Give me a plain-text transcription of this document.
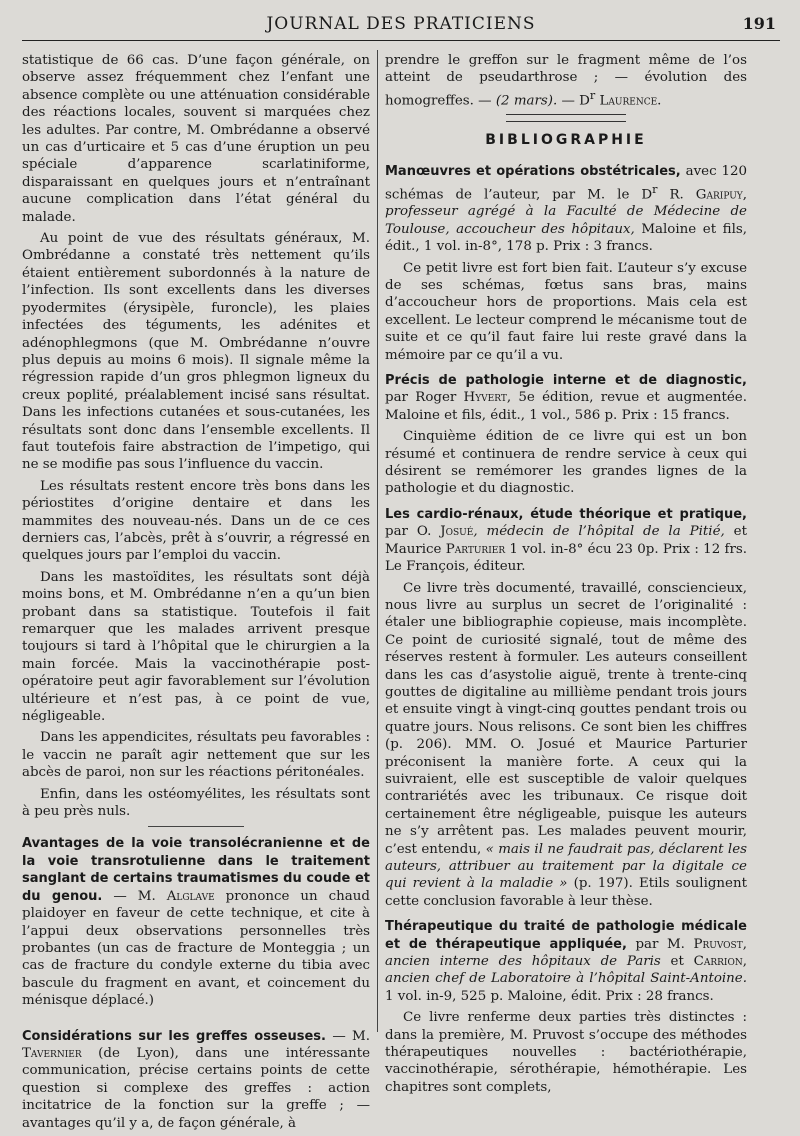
JOURNAL DES PRATICIENS	191

statistique de 66 cas. D’une façon générale, on observe assez fréquemment chez l’enfant une absence complète ou une atténuation considérable des réactions locales, souvent si marquées chez les adultes. Par contre, M. Ombrédanne a observé un cas d’urticaire et 5 cas d’une éruption un peu spéciale d’apparence scarlatiniforme, disparaissant en quelques jours et n’entraînant aucune complication dans l’état général du malade.

Au point de vue des résultats généraux, M. Ombrédanne a constaté très nettement qu’ils étaient entièrement subordonnés à la nature de l’infection. Ils sont excellents dans les diverses pyodermites (érysipèle, furoncle), les plaies infectées des téguments, les adénites et adénophlegmons (que M. Ombrédanne n’ouvre plus depuis au moins 6 mois). Il signale même la régression rapide d’un gros phlegmon ligneux du creux poplité, préalablement incisé sans résultat. Dans les infections cutanées et sous-cutanées, les résultats sont donc dans l’ensemble excellents. Il faut toutefois faire abstraction de l’impetigo, qui ne se modifie pas sous l’influence du vaccin.

Les résultats restent encore très bons dans les périostites d’origine dentaire et dans les mammites des nouveau-nés. Dans un de ce ces derniers cas, l’abcès, prêt à s’ouvrir, a régressé en quelques jours par l’emploi du vaccin.

Dans les mastoïdites, les résultats sont déjà moins bons, et M. Ombrédanne n’en a qu’un bien probant dans sa statistique. Toutefois il fait remarquer que les malades arrivent presque toujours si tard à l’hôpital que le chirurgien a la main forcée. Mais la vaccinothérapie post-opératoire peut agir favorablement sur l’évolution ultérieure et n’est pas, à ce point de vue, négligeable.

Dans les appendicites, résultats peu favorables : le vaccin ne paraît agir nettement que sur les abcès de paroi, non sur les réactions péritonéales.

Enfin, dans les ostéomyélites, les résultats sont à peu près nuls.

Avantages de la voie transolécranienne et de la voie transrotulienne dans le traitement sanglant de certains traumatismes du coude et du genou. — M. Alglave prononce un chaud plaidoyer en faveur de cette technique, et cite à l’appui deux observations personnelles très probantes (un cas de fracture de Monteggia ; un cas de fracture du condyle externe du tibia avec bascule du fragment en avant, et coincement du ménisque déplacé.)

Considérations sur les greffes osseuses. — M. Tavernier (de Lyon), dans une intéressante communication, précise certains points de cette question si complexe des greffes : action incitatrice de la fonction sur la greffe ; — avantages qu’il y a, de façon générale, à

prendre le greffon sur le fragment même de l’os atteint de pseudarthrose ; — évolution des homogreffes. — (2 mars). — $D^r$ Laurence.

BIBLIOGRAPHIE

Manœuvres et opérations obstétricales, avec 120 schémas de l’auteur, par M. le $D^r$ R. Garipuy, professeur agrégé à la Faculté de Médecine de Toulouse, accoucheur des hôpitaux, Maloine et fils, édit., 1 vol. in-8°, 178 p. Prix : 3 francs.

Ce petit livre est fort bien fait. L’auteur s’y excuse de ses schémas, fœtus sans bras, mains d’accoucheur hors de proportions. Mais cela est excellent. Le lecteur comprend le mécanisme tout de suite et ce qu’il faut faire lui reste gravé dans la mémoire par ce qu’il a vu.

Précis de pathologie interne et de diagnostic, par Roger Hyvert, 5e édition, revue et augmentée. Maloine et fils, édit., 1 vol., 586 p. Prix : 15 francs.

Cinquième édition de ce livre qui est un bon résumé et continuera de rendre service à ceux qui désirent se remémorer les grandes lignes de la pathologie et du diagnostic.

Les cardio-rénaux, étude théorique et pratique, par O. Josué, médecin de l’hôpital de la Pitié, et Maurice Parturier 1 vol. in-8° écu 23 0p. Prix : 12 frs. Le François, éditeur.

Ce livre très documenté, travaillé, consciencieux, nous livre au surplus un secret de l’originalité : étaler une bibliographie copieuse, mais incomplète. Ce point de curiosité signalé, tout de même des réserves restent à formuler. Les auteurs conseillent dans les cas d’asystolie aiguë, trente à trente-cinq gouttes de digitaline au millième pendant trois jours et ensuite vingt à vingt-cinq gouttes pendant trois ou quatre jours. Nous relisons. Ce sont bien les chiffres (p. 206). MM. O. Josué et Maurice Parturier préconisent la manière forte. A ceux qui la suivraient, elle est susceptible de valoir quelques contrariétés avec les tribunaux. Ce risque doit certainement être négligeable, puisque les auteurs ne s’y arrêtent pas. Les malades peuvent mourir, c’est entendu, « mais il ne faudrait pas, déclarent les auteurs, attribuer au traitement par la digitale ce qui revient à la maladie » (p. 197). Etils soulignent cette conclusion favorable à leur thèse.

Thérapeutique du traité de pathologie médicale et de thérapeutique appliquée, par M. Pruvost, ancien interne des hôpitaux de Paris et Carrion, ancien chef de Laboratoire à l’hôpital Saint-Antoine. 1 vol. in-9, 525 p. Maloine, édit. Prix : 28 francs.

Ce livre renferme deux parties très distinctes : dans la première, M. Pruvost s’occupe des méthodes thérapeutiques nouvelles : bactériothérapie, vaccinothérapie, sérothérapie, hémothérapie. Les chapitres sont complets,
